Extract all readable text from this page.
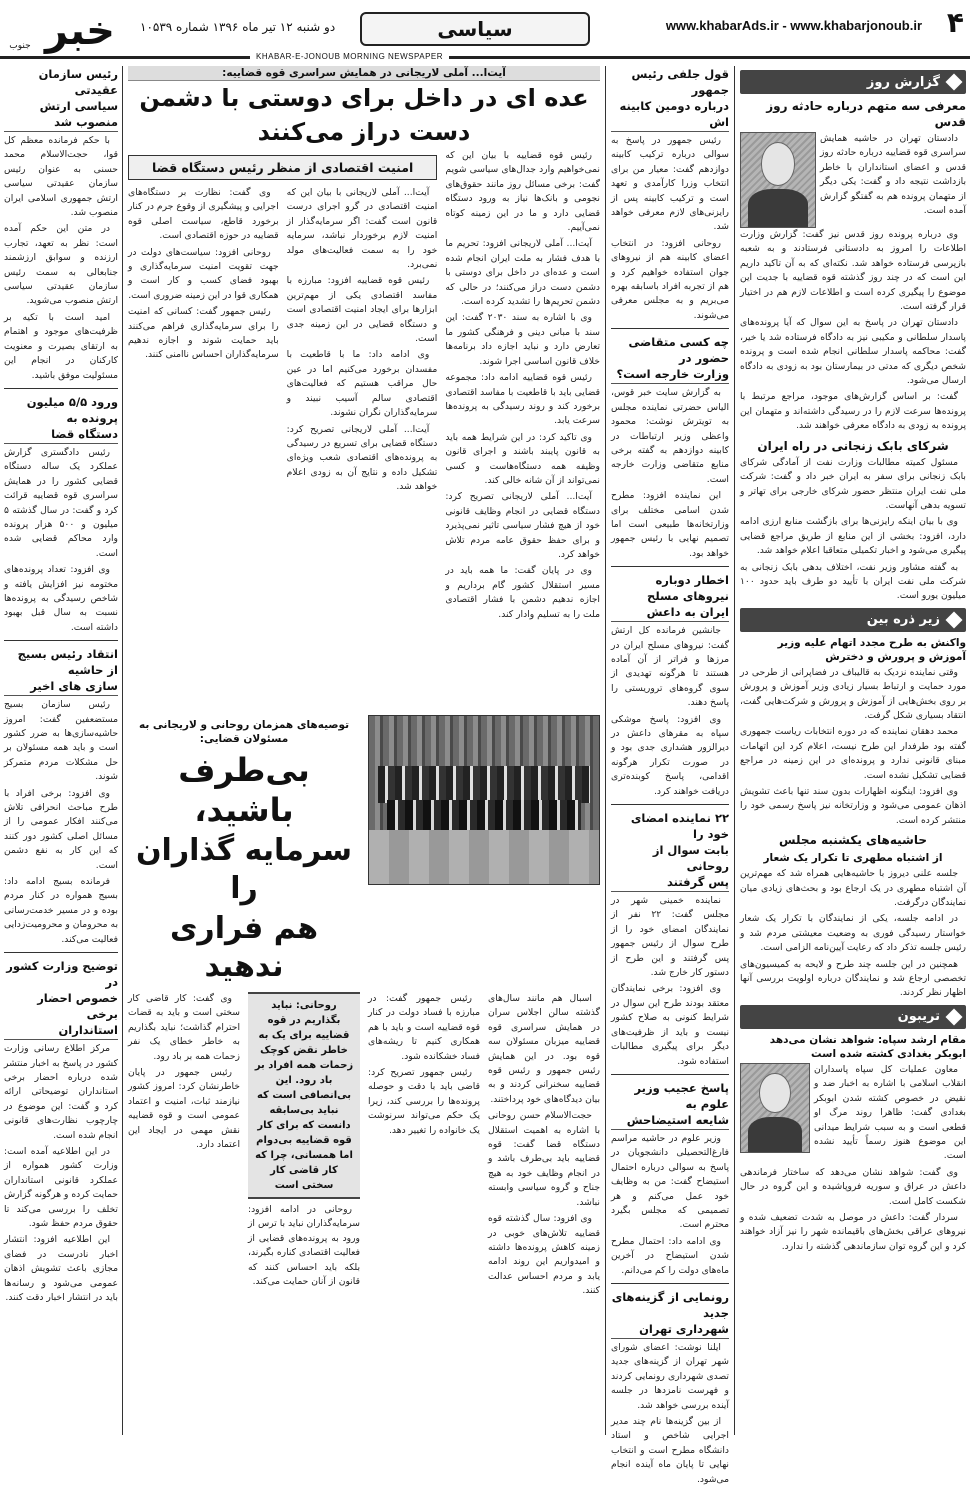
۴
www.khabarAds.ir - www.khabarjonoub.ir
سیاسی
دو شنبه ۱۲ تیر ماه ۱۳۹۶ شماره ۱۰۵۳۹
خبر
جنوب
KHABAR-E-JONOUB MORNING NEWSPAPER
گزارش روز
معرفی سه متهم درباره حادثه روز قدس

دادستان تهران در حاشیه همایش سراسری قوه قضاییه درباره حادثه روز قدس و اعضای استانداران با خاطر بازداشت نتیجه داد و گفت: یکی دیگر از متهمان پرونده هم به گفتگو گزارش آمده است.

وی درباره پرونده روز قدس نیز گفت: گزارش وزارت اطلاعات را امروز به دادستانی فرستادند و به شعبه بازپرسی فرستاده خواهد شد. نکته‌ای که به آن تاکید داریم این است که در چند روز گذشته قوه قضاییه با جدیت این موضوع را پیگیری کرده است و اطلاعات لازم هم در اختیار قرار گرفته است.

دادستان تهران در پاسخ به این سوال که آیا پرونده‌های پاسدار سلطانی و مکیبی نیز به دادگاه فرستاده شد یا خیر، گفت: محاکمه پاسدار سلطانی انجام شده است و پرونده شخص دیگری که مدتی در بیمارستان بود به زودی به دادگاه ارسال می‌شود.

گفت: بر اساس گزارش‌های موجود، مراجع مرتبط با پرونده‌ها سرعت لازم را در رسیدگی داشته‌اند و متهمان این پرونده به زودی به دادگاه معرفی خواهند شد.

شرکای بابک زنجانی در راه ایران

مسئول کمیته مطالبات وزارت نفت از آمادگی شرکای بابک زنجانی برای سفر به ایران خبر داد و گفت: شرکت ملی نفت ایران منتظر حضور شرکای خارجی برای تهاتر و تسویه بدهی آنهاست.

وی با بیان اینکه رایزنی‌ها برای بازگشت منابع ارزی ادامه دارد، افزود: بخشی از این منابع از طریق مراجع قضایی پیگیری می‌شود و اخبار تکمیلی متعاقبا اعلام خواهد شد.

به گفته مشاور وزیر نفت، اختلاف بدهی بابک زنجانی به شرکت ملی نفت ایران با تأیید دو طرف باید حدود ۱۰۰ میلیون یورو است.

زیر ذره بین
واکنش به طرح مجدد اتهام علیه وزیر آموزش و پرورش و دخترش

وقتی نماینده نزدیک به قالیباف در فضاپرانی از طرحی در مورد حمایت و ارتباط بسیار زیادی وزیر آموزش و پرورش بر روی بخش‌هایی از آموزش و پرورش و شرکت‌هایی گفت، انتقاد بسیاری شکل گرفت.

محمد دهقان نماینده که در دوره انتخابات ریاست جمهوری گفته بود طرفدار این طرح نیست، اعلام کرد این اتهامات مبنای قانونی ندارد و پرونده‌ای در این زمینه در مراجع قضایی تشکیل نشده است.

وی افزود: اینگونه اظهارات بدون سند تنها باعث تشویش اذهان عمومی می‌شود و وزارتخانه نیز پاسخ رسمی خود را منتشر کرده است.

حاشیه‌های یکشنبه مجلس
از اشتباه مطهری تا تکرار یک شعار

جلسه علنی دیروز با حاشیه‌هایی همراه شد که مهم‌ترین آن اشتباه مطهری در یک ارجاع بود و بحث‌های زیادی میان نمایندگان درگرفت.

در ادامه جلسه، یکی از نمایندگان با تکرار یک شعار خواستار رسیدگی فوری به وضعیت معیشتی مردم شد و رئیس جلسه تذکر داد که رعایت آیین‌نامه الزامی است.

همچنین در این جلسه چند طرح و لایحه به کمیسیون‌های تخصصی ارجاع شد و نمایندگان درباره اولویت بررسی آنها اظهار نظر کردند.

تریبون
مقام ارشد سپاه: شواهد نشان می‌دهد ابوبکر بغدادی کشته شده است

معاون عملیات کل سپاه پاسداران انقلاب اسلامی با اشاره به اخبار ضد و نقیض در خصوص کشته شدن ابوبکر بغدادی گفت: ظاهرا روند مرگ او قطعی است و به سبب شرایط میدانی این موضوع هنوز رسماً تأیید نشده است.

وی گفت: شواهد نشان می‌دهد که ساختار فرماندهی داعش در عراق و سوریه فروپاشیده و این گروه در حال شکست کامل است.

سردار گفت: داعش در موصل به شدت تضعیف شده و نیروهای عراقی بخش‌های باقیمانده شهر را نیز آزاد خواهند کرد و این گروه توان سازماندهی گذشته را ندارد.

قول جلفی رئیس جمهور
درباره دومین کابینه اش

رئیس جمهور در پاسخ به سوالی درباره ترکیب کابینه دوازدهم گفت: معیار من برای انتخاب وزرا کارآمدی و تعهد است و ترکیب کابینه پس از رایزنی‌های لازم معرفی خواهد شد.

روحانی افزود: در انتخاب اعضای کابینه هم از نیروهای جوان استفاده خواهیم کرد و هم از تجربه افراد باسابقه بهره می‌بریم و به مجلس معرفی می‌شوند.

چه کسی متقاضی حضور در
وزارت خارجه است؟

به گزارش سایت خبر قوس، الیاس حضرتی نماینده مجلس به تویترش نوشت: محمود واعظی وزیر ارتباطات در کابینه دوازدهم به گفته برخی منابع متقاضی وزارت خارجه است.

این نماینده افزود: مطرح شدن اسامی مختلف برای وزارتخانه‌ها طبیعی است اما تصمیم نهایی با رئیس جمهور خواهد بود.

اخطار دوباره نیروهای مسلح
ایران به داعش

جانشین فرمانده کل ارتش گفت: نیروهای مسلح ایران در مرزها و فراتر از آن آماده هستند تا هرگونه تهدیدی از سوی گروه‌های تروریستی را پاسخ دهند.

وی افزود: پاسخ موشکی سپاه به مقرهای داعش در دیرالزور هشداری جدی بود و در صورت تکرار هرگونه اقدامی، پاسخ کوبنده‌تری دریافت خواهند کرد.

۲۲ نماینده امضای خود را
بابت سوال از روحانی
پس گرفتند

نماینده خمینی شهر در مجلس گفت: ۲۲ نفر از نمایندگان امضای خود را از طرح سوال از رئیس جمهور پس گرفتند و این طرح از دستور کار خارج شد.

وی افزود: برخی نمایندگان معتقد بودند طرح این سوال در شرایط کنونی به صلاح کشور نیست و باید از ظرفیت‌های دیگر برای پیگیری مطالبات استفاده شود.

پاسخ عجیب وزیر علوم به
شایعه استیضاحش

وزیر علوم در حاشیه مراسم فارغ‌التحصیلی دانشجویان در پاسخ به سوالی درباره احتمال استیضاح گفت: من به وظایف خود عمل می‌کنم و هر تصمیمی که مجلس بگیرد محترم است.

وی ادامه داد: احتمال مطرح شدن استیضاح در آخرین ماه‌های دولت را کم می‌دانم.

رونمایی از گزینه‌های جدید
شهرداری تهران

ایلنا نوشت: اعضای شورای شهر تهران از گزینه‌های جدید تصدی شهرداری رونمایی کردند و فهرست نامزدها در جلسه آینده بررسی خواهد شد.

از بین گزینه‌ها نام چند مدیر اجرایی شاخص و استاد دانشگاه مطرح است و انتخاب نهایی تا پایان ماه آینده انجام می‌شود.

آیت‌ا... آملی لاریجانی در همایش سراسری قوه قضاییه:
عده ای در داخل برای دوستی با دشمن دست دراز می‌کنند

رئیس قوه قضاییه با بیان این که نمی‌خواهیم وارد جدال‌های سیاسی شویم گفت: برخی مسائل روز مانند حقوق‌های نجومی و بانک‌ها نیاز به ورود دستگاه قضایی دارد و ما در این زمینه کوتاه نمی‌آییم.

آیت‌ا... آملی لاریجانی افزود: تحریم ما با هدف فشار به ملت ایران انجام شده است و عده‌ای در داخل برای دوستی با دشمن دست دراز می‌کنند؛ در حالی که دشمن تحریم‌ها را تشدید کرده است.

وی با اشاره به سند ۲۰۳۰ گفت: این سند با مبانی دینی و فرهنگی کشور ما تعارض دارد و نباید اجازه داد برنامه‌ها خلاف قانون اساسی اجرا شوند.

رئیس قوه قضاییه ادامه داد: مجموعه قضایی باید با قاطعیت با مفاسد اقتصادی برخورد کند و روند رسیدگی به پرونده‌ها سرعت یابد.

وی تاکید کرد: در این شرایط همه باید به قانون پایبند باشند و اجرای قانون وظیفه همه دستگاه‌هاست و کسی نمی‌تواند از آن شانه خالی کند.

آیت‌ا... آملی لاریجانی تصریح کرد: دستگاه قضایی در انجام وظایف قانونی خود از هیچ فشار سیاسی تاثیر نمی‌پذیرد و برای حفظ حقوق عامه مردم تلاش خواهد کرد.

وی در پایان گفت: ما همه باید در مسیر استقلال کشور گام برداریم و اجازه ندهیم دشمن با فشار اقتصادی ملت را به تسلیم وادار کند.

امنیت اقتصادی از منظر رئیس دستگاه قضا

آیت‌ا... آملی لاریجانی با بیان این که امنیت اقتصادی در گرو اجرای درست قانون است گفت: اگر سرمایه‌گذار از امنیت لازم برخوردار نباشد، سرمایه خود را به سمت فعالیت‌های مولد نمی‌برد.

رئیس قوه قضاییه افزود: مبارزه با مفاسد اقتصادی یکی از مهم‌ترین ابزارها برای ایجاد امنیت اقتصادی است و دستگاه قضایی در این زمینه جدی است.

وی ادامه داد: ما با قاطعیت با مفسدان برخورد می‌کنیم اما در عین حال مراقب هستیم که فعالیت‌های اقتصادی سالم آسیب نبیند و سرمایه‌گذاران نگران نشوند.

آیت‌ا... آملی لاریجانی تصریح کرد: دستگاه قضایی برای تسریع در رسیدگی به پرونده‌های اقتصادی شعب ویژه‌ای تشکیل داده و نتایج آن به زودی اعلام خواهد شد.

وی گفت: نظارت بر دستگاه‌های اجرایی و پیشگیری از وقوع جرم در کنار برخورد قاطع، سیاست اصلی قوه قضاییه در حوزه اقتصادی است.

روحانی افزود: سیاست‌های دولت در جهت تقویت امنیت سرمایه‌گذاری و بهبود فضای کسب و کار است و همکاری قوا در این زمینه ضروری است.

رئیس جمهور گفت: کسانی که امنیت را برای سرمایه‌گذاری فراهم می‌کنند باید حمایت شوند و اجازه ندهیم سرمایه‌گذاران احساس ناامنی کنند.

توصیه‌های همزمان روحانی و لاریجانی به مسئولان قضایی:
بی‌طرف باشید،
سرمایه گذاران را
هم فراری ندهید

اسبال هم مانند سال‌های گذشته سالن اجلاس سران در همایش سراسری قوه قضاییه میزبان مسئولان سه قوه بود. در این همایش رئیس جمهور و رئیس قوه قضاییه سخنرانی کردند و به بیان دیدگاه‌های خود پرداختند.

حجت‌الاسلام حسن روحانی با اشاره به اهمیت استقلال دستگاه قضا گفت: قوه قضاییه باید بی‌طرف باشد و در انجام وظایف خود به هیچ جناح و گروه سیاسی وابسته نباشد.

وی افزود: سال گذشته قوه قضاییه تلاش‌های خوبی در زمینه کاهش پرونده‌ها داشته و امیدواریم این روند ادامه یابد و مردم احساس عدالت کنند.

رئیس جمهور گفت: در مبارزه با فساد دولت در کنار قوه قضاییه است و باید با هم همکاری کنیم تا ریشه‌های فساد خشکانده شود.

رئیس جمهور تصریح کرد: قاضی باید با دقت و حوصله پرونده‌ها را بررسی کند، زیرا یک حکم می‌تواند سرنوشت یک خانواده را تغییر دهد.

روحانی: نباید بگذاریم در قوه قضاییه برای یک به خاطر نقض کوچک زحمات همه افراد بر باد رود. این بی‌انصافی است که نباید بی‌سابقه دانست که برای کار قوه قضاییه بی‌دوام اما همسانی، چرا که کار قاضی کار سختی است

روحانی در ادامه افزود: سرمایه‌گذاران نباید با ترس از ورود به پرونده‌های قضایی از فعالیت اقتصادی کناره بگیرند، بلکه باید احساس کنند که قانون از آنان حمایت می‌کند.

وی گفت: کار قاضی کار سختی است و باید به قضات احترام گذاشت؛ نباید بگذاریم به خاطر خطای یک نفر زحمات همه بر باد رود.

رئیس جمهور در پایان خاطرنشان کرد: امروز کشور نیازمند ثبات، امنیت و اعتماد عمومی است و قوه قضاییه نقش مهمی در ایجاد این اعتماد دارد.

رئیس سازمان عقیدتی
سیاسی ارتش منصوب شد

با حکم فرمانده معظم کل قوا، حجت‌الاسلام محمد حسنی به عنوان رئیس سازمان عقیدتی سیاسی ارتش جمهوری اسلامی ایران منصوب شد.

در متن این حکم آمده است: نظر به تعهد، تجارب ارزنده و سوابق ارزشمند جنابعالی به سمت رئیس سازمان عقیدتی سیاسی ارتش منصوب می‌شوید.

امید است با تکیه بر ظرفیت‌های موجود و اهتمام به ارتقای بصیرت و معنویت کارکنان در انجام این مسئولیت موفق باشید.

ورود ۵/۵ میلیون پرونده به
دستگاه قضا

رئیس دادگستری گزارش عملکرد یک ساله دستگاه قضایی کشور را در همایش سراسری قوه قضاییه قرائت کرد و گفت: در سال گذشته ۵ میلیون و ۵۰۰ هزار پرونده وارد محاکم قضایی شده است.

وی افزود: تعداد پرونده‌های مختومه نیز افزایش یافته و شاخص رسیدگی به پرونده‌ها نسبت به سال قبل بهبود داشته است.

انتقاد رئیس بسیج از حاشیه
سازی های اخیر

رئیس سازمان بسیج مستضعفین گفت: امروز حاشیه‌سازی‌ها به ضرر کشور است و باید همه مسئولان بر حل مشکلات مردم متمرکز شوند.

وی افزود: برخی افراد با طرح مباحث انحرافی تلاش می‌کنند افکار عمومی را از مسائل اصلی کشور دور کنند که این کار به نفع دشمن است.

فرمانده بسیج ادامه داد: بسیج همواره در کنار مردم بوده و در مسیر خدمت‌رسانی به محرومان و محرومیت‌زدایی فعالیت می‌کند.

توضیح وزارت کشور در
خصوص احضار برخی
استانداران

مرکز اطلاع رسانی وزارت کشور در پاسخ به اخبار منتشر شده درباره احضار برخی استانداران توضیحاتی ارائه کرد و گفت: این موضوع در چارچوب نظارت‌های قانونی انجام شده است.

در این اطلاعیه آمده است: وزارت کشور همواره از عملکرد قانونی استانداران حمایت کرده و هرگونه گزارش تخلف را بررسی می‌کند تا حقوق مردم حفظ شود.

این اطلاعیه افزود: انتشار اخبار نادرست در فضای مجازی باعث تشویش اذهان عمومی می‌شود و رسانه‌ها باید در انتشار اخبار دقت کنند.
